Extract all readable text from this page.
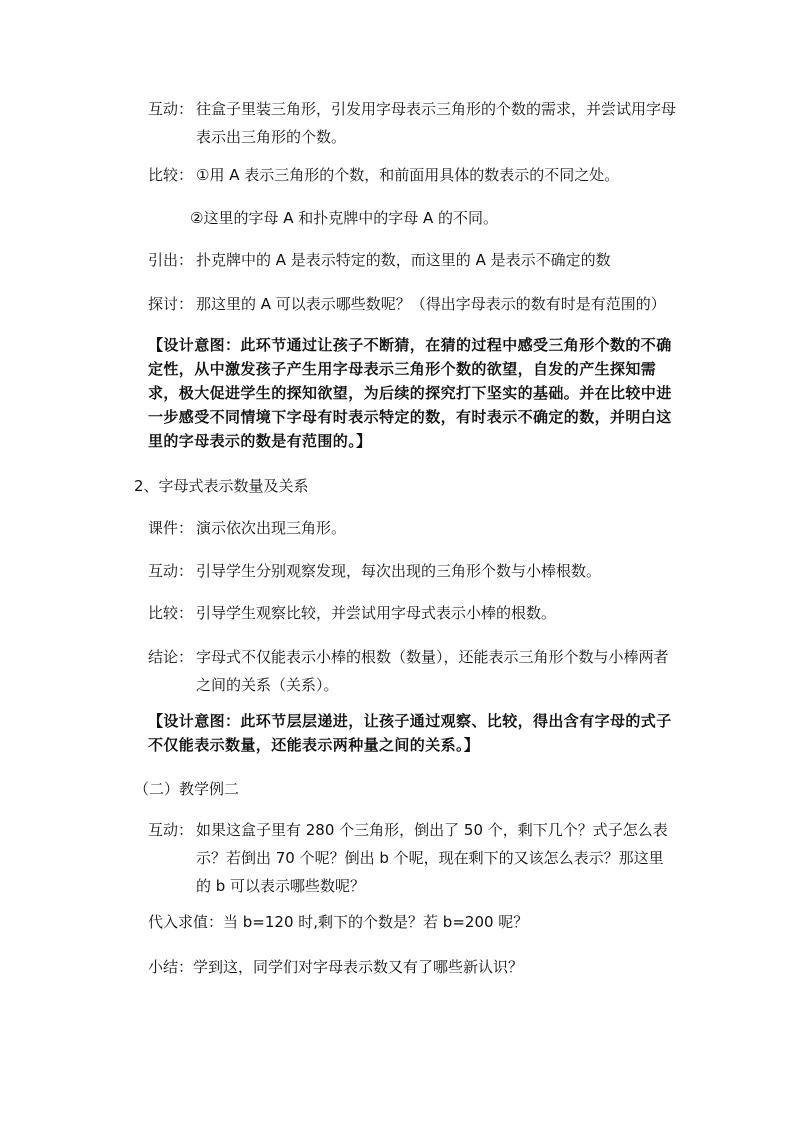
互动： 往盒子里装三角形，引发用字母表示三角形的个数的需求，并尝试用字母表示出三角形的个数。
比较： ①用 A 表示三角形的个数，和前面用具体的数表示的不同之处。
②这里的字母 A 和扑克牌中的字母 A 的不同。
引出： 扑克牌中的 A 是表示特定的数，而这里的 A 是表示不确定的数
探讨： 那这里的 A 可以表示哪些数呢？（得出字母表示的数有时是有范围的）
【设计意图：此环节通过让孩子不断猜，在猜的过程中感受三角形个数的不确定性，从中激发孩子产生用字母表示三角形个数的欲望，自发的产生探知需求，极大促进学生的探知欲望，为后续的探究打下坚实的基础。并在比较中进一步感受不同情境下字母有时表示特定的数，有时表示不确定的数，并明白这里的字母表示的数是有范围的。】
2、字母式表示数量及关系
课件： 演示依次出现三角形。
互动： 引导学生分别观察发现，每次出现的三角形个数与小棒根数。
比较： 引导学生观察比较，并尝试用字母式表示小棒的根数。
结论： 字母式不仅能表示小棒的根数（数量），还能表示三角形个数与小棒两者之间的关系（关系）。
【设计意图：此环节层层递进，让孩子通过观察、比较，得出含有字母的式子不仅能表示数量，还能表示两种量之间的关系。】
（二）教学例二
互动： 如果这盒子里有 280 个三角形，倒出了 50 个，剩下几个？式子怎么表示？若倒出 70 个呢？倒出 b 个呢，现在剩下的又该怎么表示？那这里的 b 可以表示哪些数呢？
代入求值：当 b=120 时,剩下的个数是？若 b=200 呢？
小结：学到这，同学们对字母表示数又有了哪些新认识？
